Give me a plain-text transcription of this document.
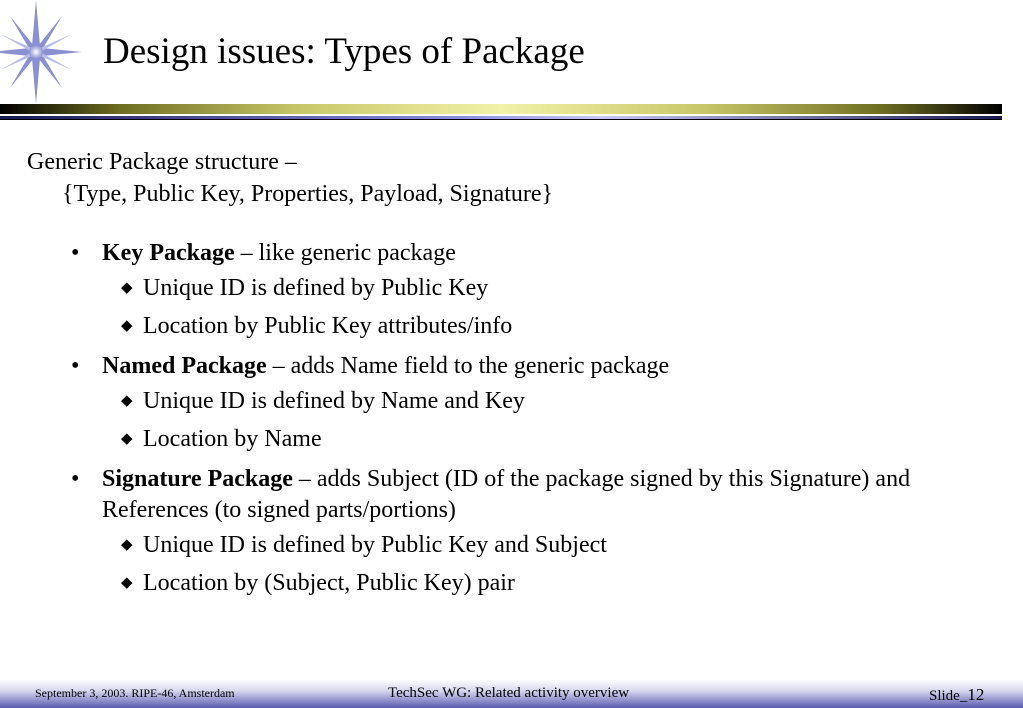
Design issues: Types of Package
Generic Package structure –
{Type, Public Key, Properties, Payload, Signature}
• Key Package – like generic package
◆ Unique ID is defined by Public Key
◆ Location by Public Key attributes/info
• Named Package – adds Name field to the generic package
◆ Unique ID is defined by Name and Key
◆ Location by Name
• Signature Package – adds Subject (ID of the package signed by this Signature) and References (to signed parts/portions)
◆ Unique ID is defined by Public Key and Subject
◆ Location by (Subject, Public Key) pair
September 3, 2003. RIPE-46, Amsterdam	TechSec WG: Related activity overview	Slide_12
